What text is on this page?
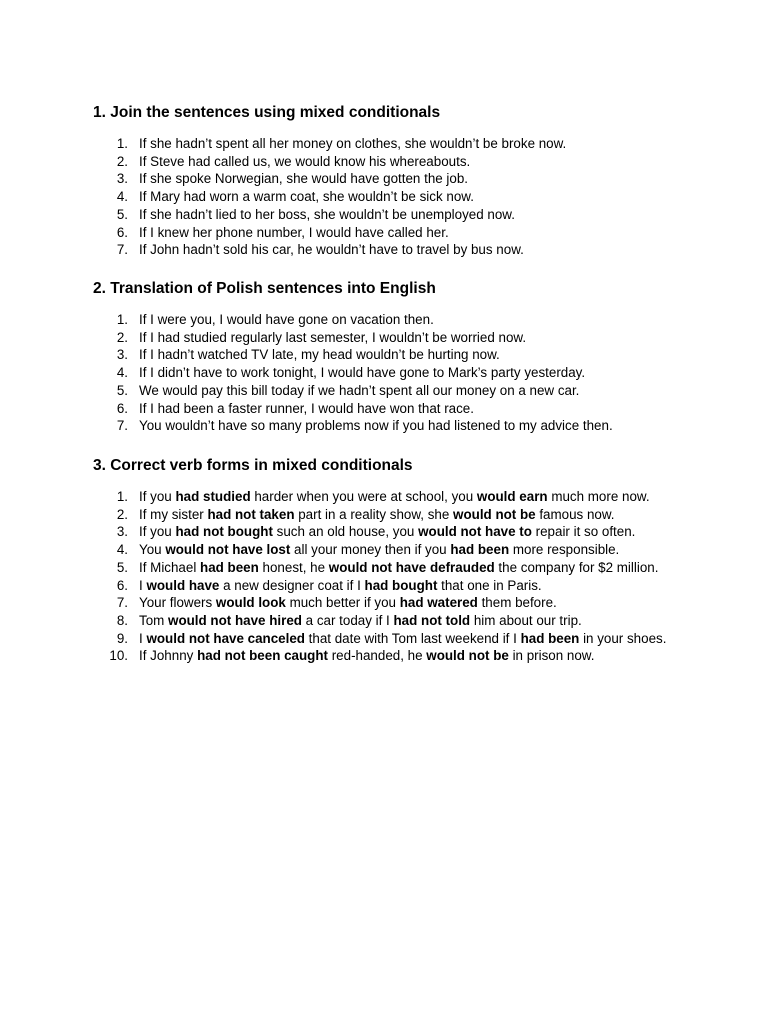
1. Join the sentences using mixed conditionals
1. If she hadn’t spent all her money on clothes, she wouldn’t be broke now.
2. If Steve had called us, we would know his whereabouts.
3. If she spoke Norwegian, she would have gotten the job.
4. If Mary had worn a warm coat, she wouldn’t be sick now.
5. If she hadn’t lied to her boss, she wouldn’t be unemployed now.
6. If I knew her phone number, I would have called her.
7. If John hadn’t sold his car, he wouldn’t have to travel by bus now.
2. Translation of Polish sentences into English
1. If I were you, I would have gone on vacation then.
2. If I had studied regularly last semester, I wouldn’t be worried now.
3. If I hadn’t watched TV late, my head wouldn’t be hurting now.
4. If I didn’t have to work tonight, I would have gone to Mark’s party yesterday.
5. We would pay this bill today if we hadn’t spent all our money on a new car.
6. If I had been a faster runner, I would have won that race.
7. You wouldn’t have so many problems now if you had listened to my advice then.
3. Correct verb forms in mixed conditionals
1. If you had studied harder when you were at school, you would earn much more now.
2. If my sister had not taken part in a reality show, she would not be famous now.
3. If you had not bought such an old house, you would not have to repair it so often.
4. You would not have lost all your money then if you had been more responsible.
5. If Michael had been honest, he would not have defrauded the company for $2 million.
6. I would have a new designer coat if I had bought that one in Paris.
7. Your flowers would look much better if you had watered them before.
8. Tom would not have hired a car today if I had not told him about our trip.
9. I would not have canceled that date with Tom last weekend if I had been in your shoes.
10. If Johnny had not been caught red-handed, he would not be in prison now.
